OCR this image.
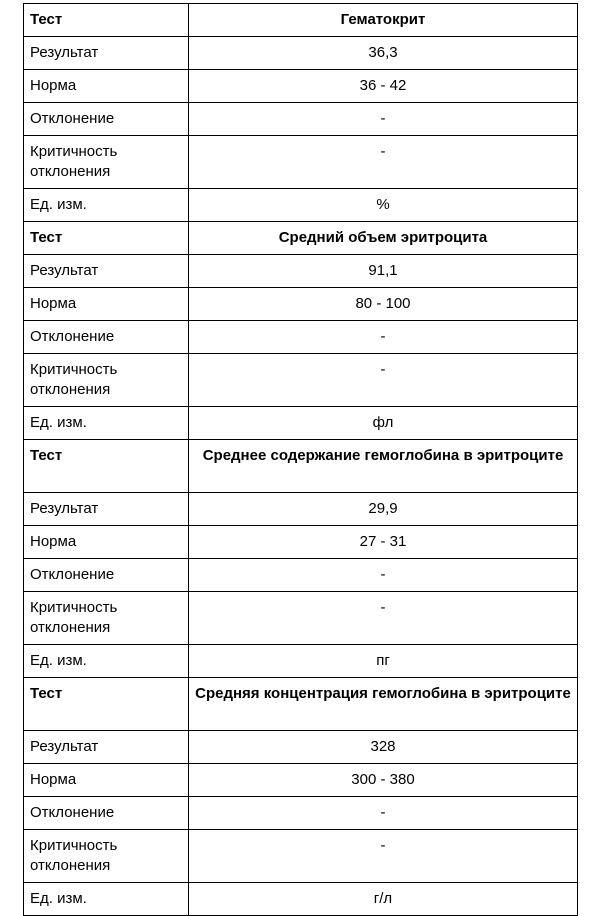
Тест	Гематокрит
Результат	36,3
Норма	36 - 42
Отклонение	-
Критичность отклонения	-
Ед. изм.	%
Тест	Средний объем эритроцита
Результат	91,1
Норма	80 - 100
Отклонение	-
Критичность отклонения	-
Ед. изм.	фл
Тест	Среднее содержание гемоглобина в эритроците
Результат	29,9
Норма	27 - 31
Отклонение	-
Критичность отклонения	-
Ед. изм.	пг
Тест	Средняя концентрация гемоглобина в эритроците
Результат	328
Норма	300 - 380
Отклонение	-
Критичность отклонения	-
Ед. изм.	г/л
